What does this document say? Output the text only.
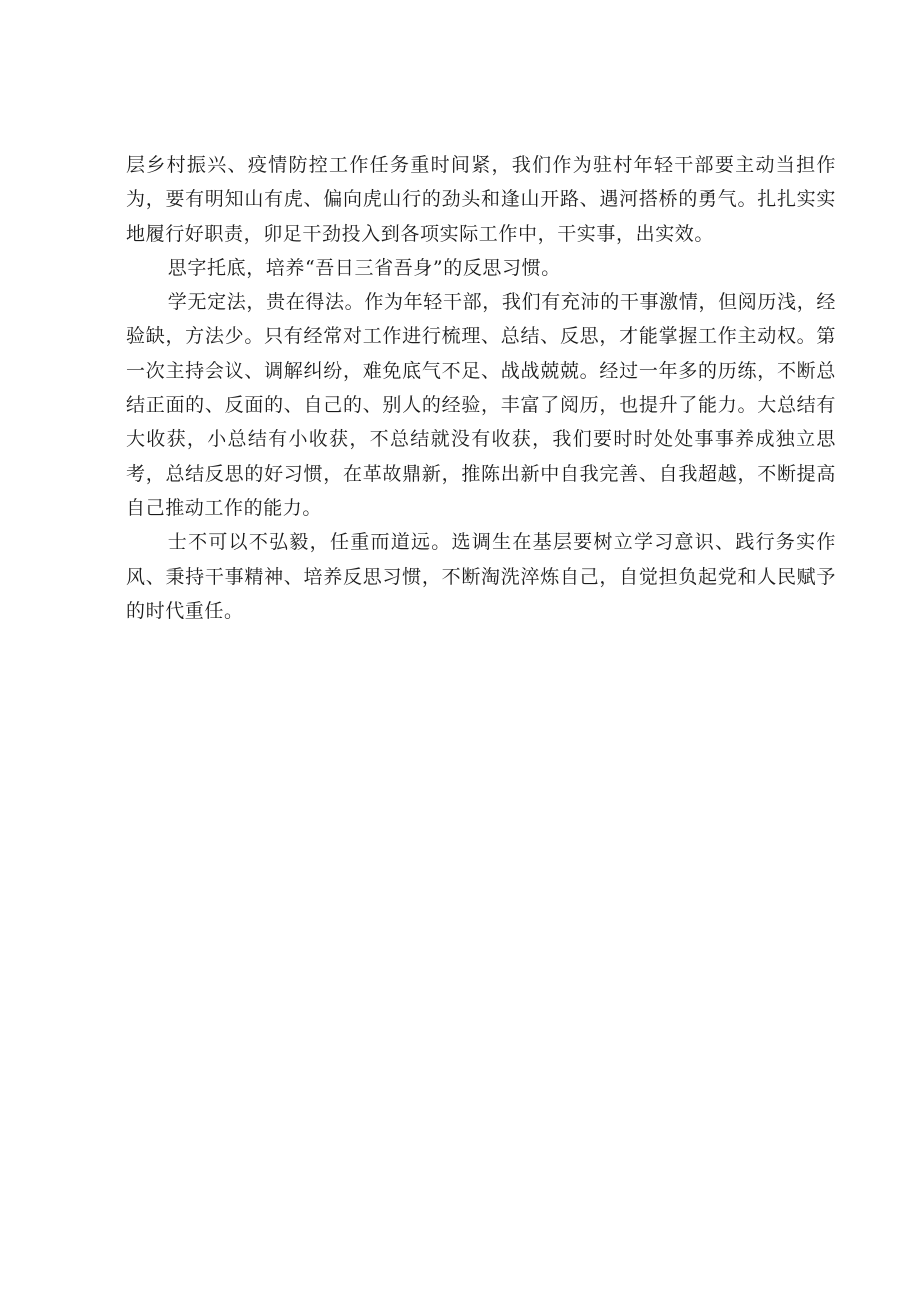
层乡村振兴、疫情防控工作任务重时间紧，我们作为驻村年轻干部要主动当担作为，要有明知山有虎、偏向虎山行的劲头和逢山开路、遇河搭桥的勇气。扎扎实实地履行好职责，卯足干劲投入到各项实际工作中，干实事，出实效。

思字托底，培养“吾日三省吾身”的反思习惯。

学无定法，贵在得法。作为年轻干部，我们有充沛的干事激情，但阅历浅，经验缺，方法少。只有经常对工作进行梳理、总结、反思，才能掌握工作主动权。第一次主持会议、调解纠纷，难免底气不足、战战兢兢。经过一年多的历练，不断总结正面的、反面的、自己的、别人的经验，丰富了阅历，也提升了能力。大总结有大收获，小总结有小收获，不总结就没有收获，我们要时时处处事事养成独立思考，总结反思的好习惯，在革故鼎新，推陈出新中自我完善、自我超越，不断提高自己推动工作的能力。

士不可以不弘毅，任重而道远。选调生在基层要树立学习意识、践行务实作风、秉持干事精神、培养反思习惯，不断淘洗淬炼自己，自觉担负起党和人民赋予的时代重任。
